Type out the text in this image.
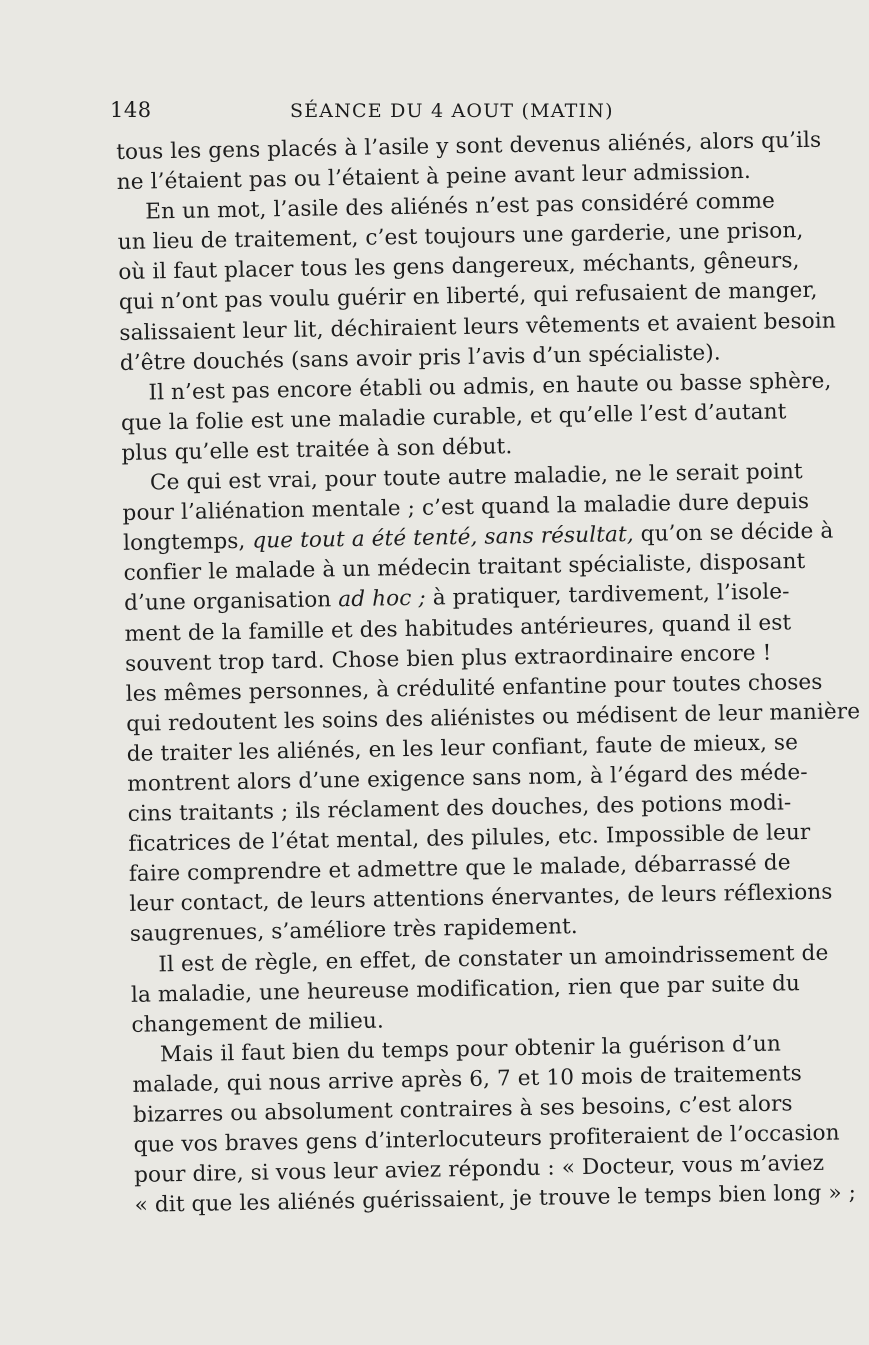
148	SÉANCE DU 4 AOUT (MATIN)
tous les gens placés à l’asile y sont devenus aliénés, alors qu’ils
ne l’étaient pas ou l’étaient à peine avant leur admission.
En un mot, l’asile des aliénés n’est pas considéré comme
un lieu de traitement, c’est toujours une garderie, une prison,
où il faut placer tous les gens dangereux, méchants, gêneurs,
qui n’ont pas voulu guérir en liberté, qui refusaient de manger,
salissaient leur lit, déchiraient leurs vêtements et avaient besoin
d’être douchés (sans avoir pris l’avis d’un spécialiste).
Il n’est pas encore établi ou admis, en haute ou basse sphère,
que la folie est une maladie curable, et qu’elle l’est d’autant
plus qu’elle est traitée à son début.
Ce qui est vrai, pour toute autre maladie, ne le serait point
pour l’aliénation mentale ; c’est quand la maladie dure depuis
longtemps, que tout a été tenté, sans résultat, qu’on se décide à
confier le malade à un médecin traitant spécialiste, disposant
d’une organisation ad hoc ; à pratiquer, tardivement, l’isole-
ment de la famille et des habitudes antérieures, quand il est
souvent trop tard. Chose bien plus extraordinaire encore !
les mêmes personnes, à crédulité enfantine pour toutes choses
qui redoutent les soins des aliénistes ou médisent de leur manière
de traiter les aliénés, en les leur confiant, faute de mieux, se
montrent alors d’une exigence sans nom, à l’égard des méde-
cins traitants ; ils réclament des douches, des potions modi-
ficatrices de l’état mental, des pilules, etc. Impossible de leur
faire comprendre et admettre que le malade, débarrassé de
leur contact, de leurs attentions énervantes, de leurs réflexions
saugrenues, s’améliore très rapidement.
Il est de règle, en effet, de constater un amoindrissement de
la maladie, une heureuse modification, rien que par suite du
changement de milieu.
Mais il faut bien du temps pour obtenir la guérison d’un
malade, qui nous arrive après 6, 7 et 10 mois de traitements
bizarres ou absolument contraires à ses besoins, c’est alors
que vos braves gens d’interlocuteurs profiteraient de l’occasion
pour dire, si vous leur aviez répondu : « Docteur, vous m’aviez
« dit que les aliénés guérissaient, je trouve le temps bien long » ;
